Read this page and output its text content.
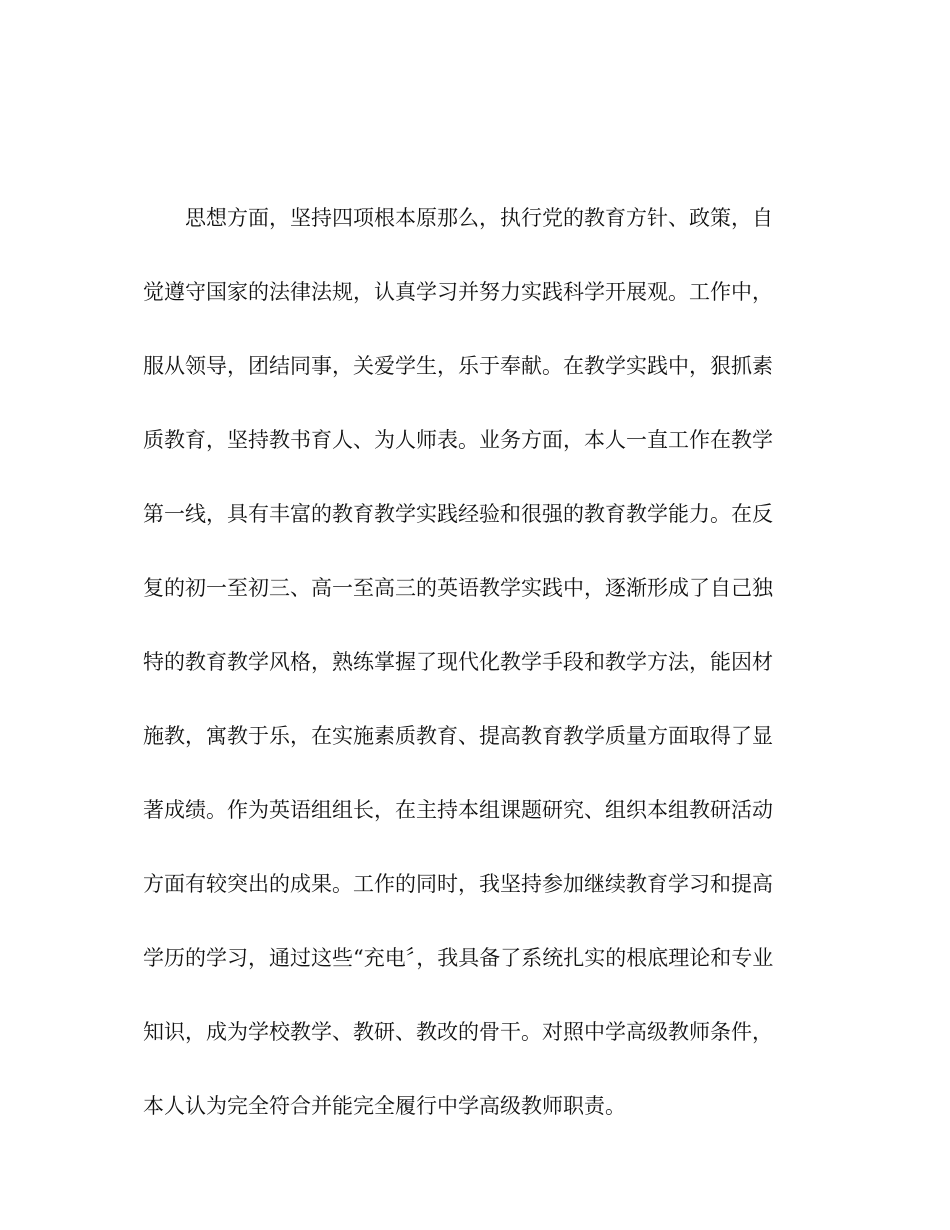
思想方面，坚持四项根本原那么，执行党的教育方针、政策，自
觉遵守国家的法律法规，认真学习并努力实践科学开展观。工作中，
服从领导，团结同事，关爱学生，乐于奉献。在教学实践中，狠抓素
质教育，坚持教书育人、为人师表。业务方面，本人一直工作在教学
第一线，具有丰富的教育教学实践经验和很强的教育教学能力。在反
复的初一至初三、高一至高三的英语教学实践中，逐渐形成了自己独
特的教育教学风格，熟练掌握了现代化教学手段和教学方法，能因材
施教，寓教于乐，在实施素质教育、提高教育教学质量方面取得了显
著成绩。作为英语组组长，在主持本组课题研究、组织本组教研活动
方面有较突出的成果。工作的同时，我坚持参加继续教育学习和提高
学历的学习，通过这些“充电〞，我具备了系统扎实的根底理论和专业
知识，成为学校教学、教研、教改的骨干。对照中学高级教师条件，
本人认为完全符合并能完全履行中学高级教师职责。
